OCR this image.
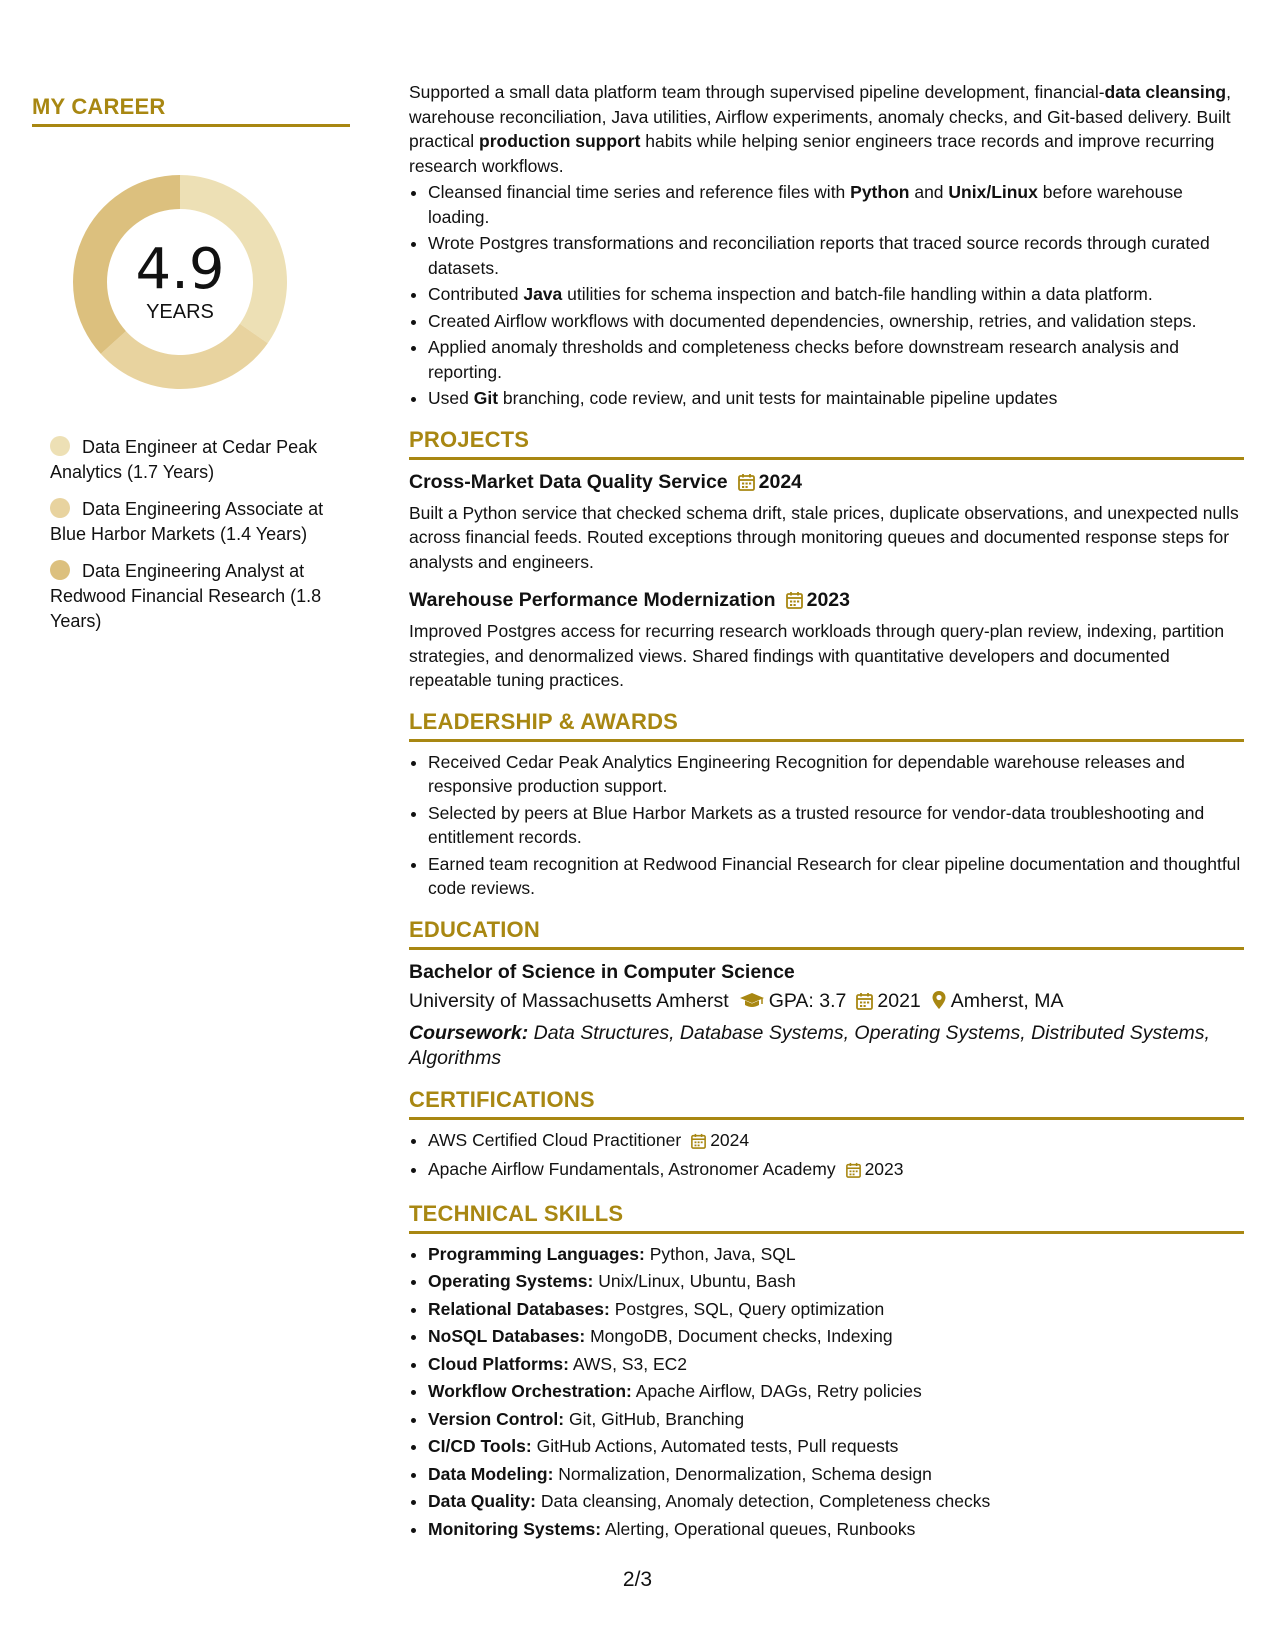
MY CAREER
4.9
YEARS
Data Engineer at Cedar Peak Analytics (1.7 Years)
Data Engineering Associate at Blue Harbor Markets (1.4 Years)
Data Engineering Analyst at Redwood Financial Research (1.8 Years)

Supported a small data platform team through supervised pipeline development, financial-data cleansing, warehouse reconciliation, Java utilities, Airflow experiments, anomaly checks, and Git-based delivery. Built practical production support habits while helping senior engineers trace records and improve recurring research workflows.

• Cleansed financial time series and reference files with Python and Unix/Linux before warehouse loading.
• Wrote Postgres transformations and reconciliation reports that traced source records through curated datasets.
• Contributed Java utilities for schema inspection and batch-file handling within a data platform.
• Created Airflow workflows with documented dependencies, ownership, retries, and validation steps.
• Applied anomaly thresholds and completeness checks before downstream research analysis and reporting.
• Used Git branching, code review, and unit tests for maintainable pipeline updates
PROJECTS

Cross-Market Data Quality Service 2024

Built a Python service that checked schema drift, stale prices, duplicate observations, and unexpected nulls across financial feeds. Routed exceptions through monitoring queues and documented response steps for analysts and engineers.

Warehouse Performance Modernization 2023

Improved Postgres access for recurring research workloads through query-plan review, indexing, partition strategies, and denormalized views. Shared findings with quantitative developers and documented repeatable tuning practices.

LEADERSHIP & AWARDS
• Received Cedar Peak Analytics Engineering Recognition for dependable warehouse releases and responsive production support.
• Selected by peers at Blue Harbor Markets as a trusted resource for vendor-data troubleshooting and entitlement records.
• Earned team recognition at Redwood Financial Research for clear pipeline documentation and thoughtful code reviews.
EDUCATION

Bachelor of Science in Computer Science

University of Massachusetts Amherst GPA: 3.7 2021 Amherst, MA
Coursework: Data Structures, Database Systems, Operating Systems, Distributed Systems, Algorithms
CERTIFICATIONS
• AWS Certified Cloud Practitioner 2024
• Apache Airflow Fundamentals, Astronomer Academy 2023
TECHNICAL SKILLS
• Programming Languages: Python, Java, SQL
• Operating Systems: Unix/Linux, Ubuntu, Bash
• Relational Databases: Postgres, SQL, Query optimization
• NoSQL Databases: MongoDB, Document checks, Indexing
• Cloud Platforms: AWS, S3, EC2
• Workflow Orchestration: Apache Airflow, DAGs, Retry policies
• Version Control: Git, GitHub, Branching
• CI/CD Tools: GitHub Actions, Automated tests, Pull requests
• Data Modeling: Normalization, Denormalization, Schema design
• Data Quality: Data cleansing, Anomaly detection, Completeness checks
• Monitoring Systems: Alerting, Operational queues, Runbooks
2/3
